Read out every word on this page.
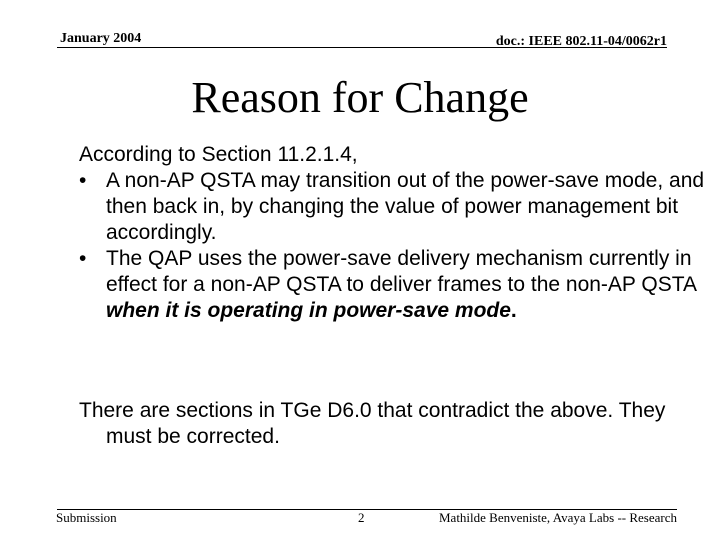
January 2004	doc.: IEEE 802.11-04/0062r1
Reason for Change

According to Section 11.2.1.4,

• A non-AP QSTA may transition out of the power-save mode, and then back in, by changing the value of power management bit accordingly.
• The QAP uses the power-save delivery mechanism currently in effect for a non-AP QSTA to deliver frames to the non-AP QSTA when it is operating in power-save mode.

There are sections in TGe D6.0 that contradict the above. They must be corrected.

Submission	2	Mathilde Benveniste, Avaya Labs -- Research
